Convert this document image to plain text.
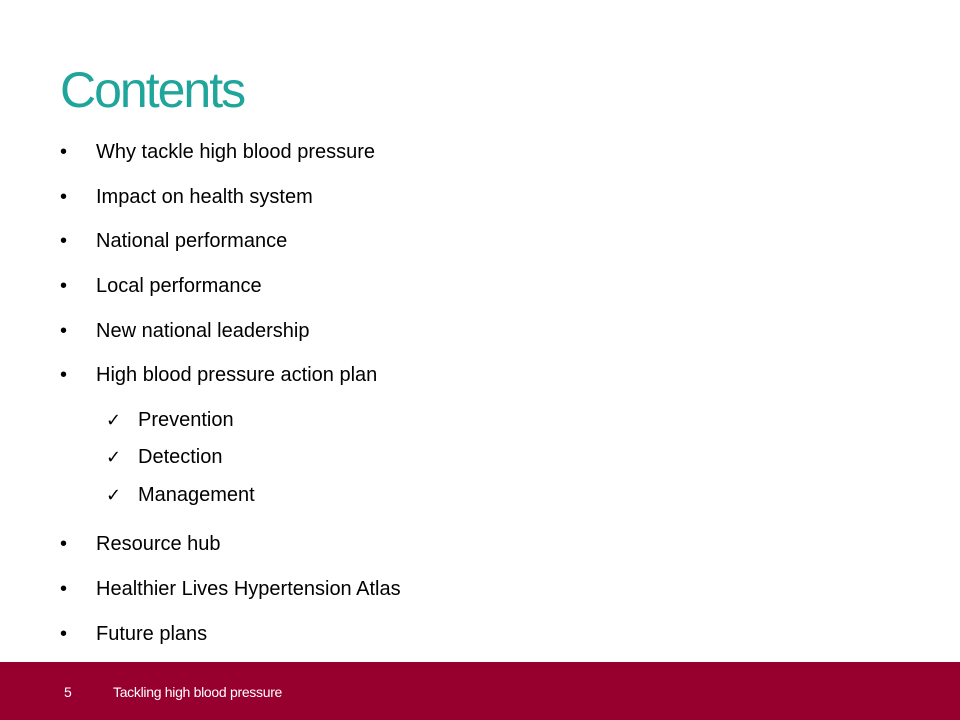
Contents
•	Why tackle high blood pressure
•	Impact on health system
•	National performance
•	Local performance
•	New national leadership
•	High blood pressure action plan
✓ Prevention
✓ Detection
✓ Management
•	Resource hub
•	Healthier Lives Hypertension Atlas
•	Future plans
5	Tackling high blood pressure
